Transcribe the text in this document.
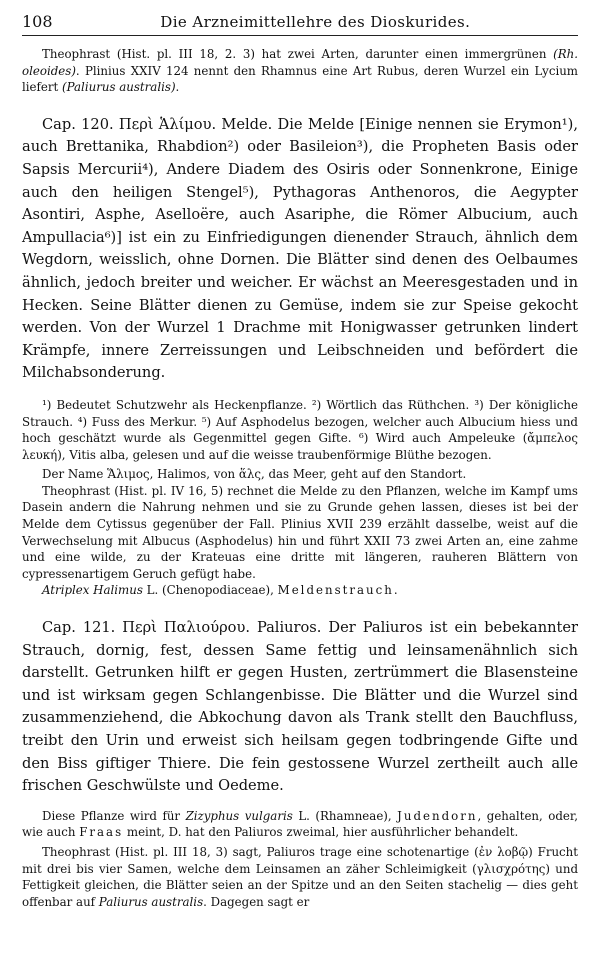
108	Die Arzneimittellehre des Dioskurides.

Theophrast (Hist. pl. III 18, 2. 3) hat zwei Arten, darunter einen immergrünen (Rh. oleoides). Plinius XXIV 124 nennt den Rhamnus eine Art Rubus, deren Wurzel ein Lycium liefert (Paliurus australis).

Cap. 120. Περὶ Ἁλίμου. Melde. Die Melde [Einige nennen sie Erymon¹), auch Brettanika, Rhabdion²) oder Basileion³), die Propheten Basis oder Sapsis Mercurii⁴), Andere Diadem des Osiris oder Sonnenkrone, Einige auch den heiligen Stengel⁵), Pythagoras Anthenoros, die Aegypter Asontiri, Asphe, Aselloëre, auch Asariphe, die Römer Albucium, auch Ampullacia⁶)] ist ein zu Einfriedigungen dienender Strauch, ähnlich dem Wegdorn, weisslich, ohne Dornen. Die Blätter sind denen des Oelbaumes ähnlich, jedoch breiter und weicher. Er wächst an Meeresgestaden und in Hecken. Seine Blätter dienen zu Gemüse, indem sie zur Speise gekocht werden. Von der Wurzel 1 Drachme mit Honigwasser getrunken lindert Krämpfe, innere Zerreissungen und Leibschneiden und befördert die Milchabsonderung.

¹) Bedeutet Schutzwehr als Heckenpflanze. ²) Wörtlich das Rüthchen. ³) Der königliche Strauch. ⁴) Fuss des Merkur. ⁵) Auf Asphodelus bezogen, welcher auch Albucium hiess und hoch geschätzt wurde als Gegenmittel gegen Gifte. ⁶) Wird auch Ampeleuke (ἄμπελος λευκή), Vitis alba, gelesen und auf die weisse traubenförmige Blüthe bezogen.

Der Name Ἅλιμος, Halimos, von ἅλς, das Meer, geht auf den Standort.

Theophrast (Hist. pl. IV 16, 5) rechnet die Melde zu den Pflanzen, welche im Kampf ums Dasein andern die Nahrung nehmen und sie zu Grunde gehen lassen, dieses ist bei der Melde dem Cytissus gegenüber der Fall. Plinius XVII 239 erzählt dasselbe, weist auf die Verwechselung mit Albucus (Asphodelus) hin und führt XXII 73 zwei Arten an, eine zahme und eine wilde, zu der Krateuas eine dritte mit längeren, rauheren Blättern von cypressenartigem Geruch gefügt habe.

Atriplex Halimus L. (Chenopodiaceae), Meldenstrauch.

Cap. 121. Περὶ Παλιούρου. Paliuros. Der Paliuros ist ein bebekannter Strauch, dornig, fest, dessen Same fettig und leinsamenähnlich sich darstellt. Getrunken hilft er gegen Husten, zertrümmert die Blasensteine und ist wirksam gegen Schlangenbisse. Die Blätter und die Wurzel sind zusammenziehend, die Abkochung davon als Trank stellt den Bauchfluss, treibt den Urin und erweist sich heilsam gegen todbringende Gifte und den Biss giftiger Thiere. Die fein gestossene Wurzel zertheilt auch alle frischen Geschwülste und Oedeme.

Diese Pflanze wird für Zizyphus vulgaris L. (Rhamneae), Judendorn, gehalten, oder, wie auch Fraas meint, D. hat den Paliuros zweimal, hier ausführlicher behandelt.

Theophrast (Hist. pl. III 18, 3) sagt, Paliuros trage eine schotenartige (ἐν λοβῷ) Frucht mit drei bis vier Samen, welche dem Leinsamen an zäher Schleimigkeit (γλισχρότης) und Fettigkeit gleichen, die Blätter seien an der Spitze und an den Seiten stachelig — dies geht offenbar auf Paliurus australis. Dagegen sagt er
